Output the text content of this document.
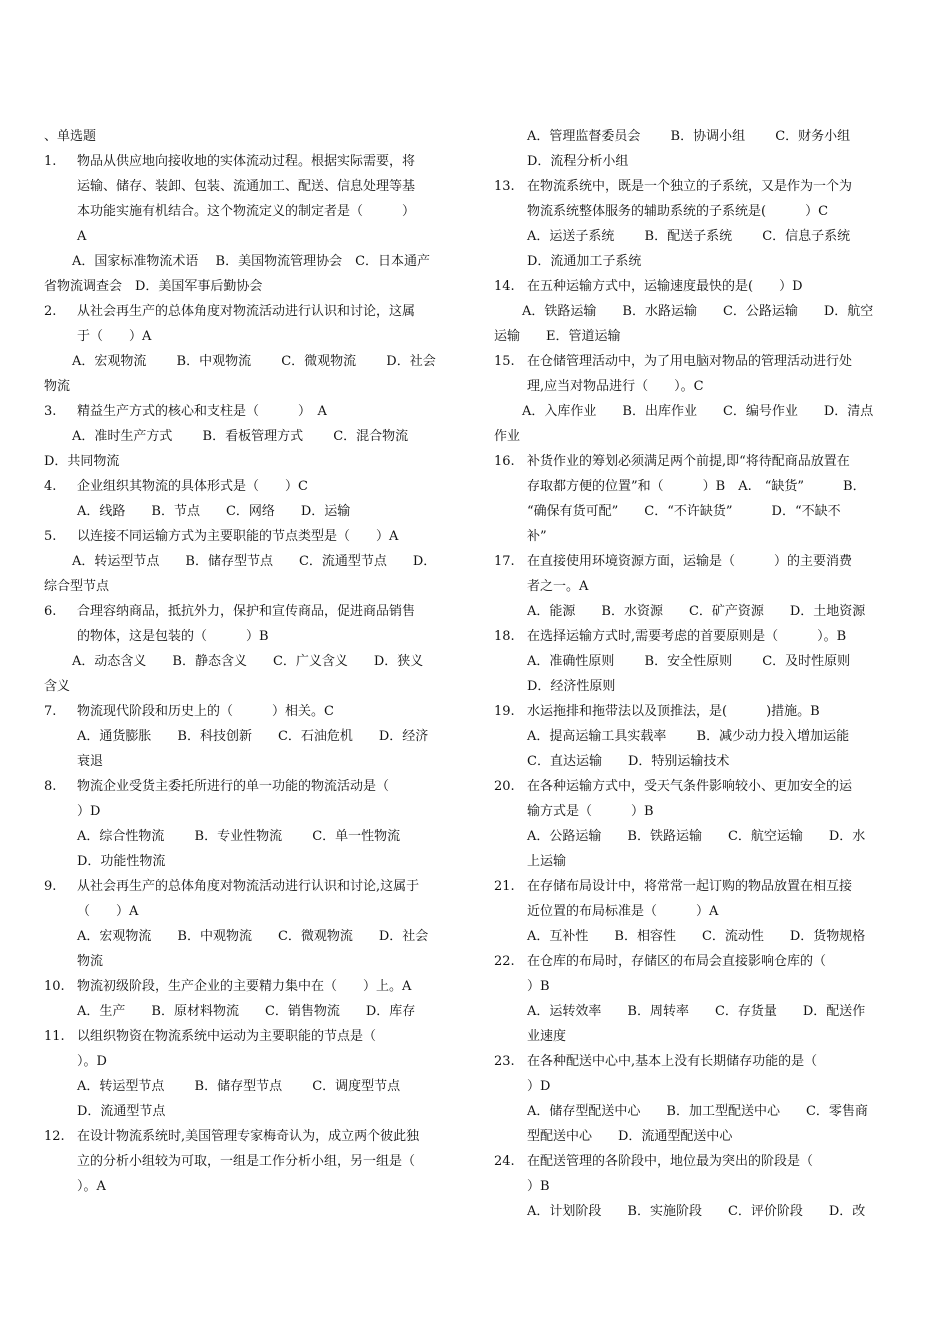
、单选题
1. 物品从供应地向接收地的实体流动过程。根据实际需要，将
运输、储存、装卸、包装、流通加工、配送、信息处理等基
本功能实施有机结合。这个物流定义的制定者是（　　　）
A
A．国家标准物流术语　 B．美国物流管理协会　C．日本通产
省物流调查会　D．美国军事后勤协会
2. 从社会再生产的总体角度对物流活动进行认识和讨论，这属
于（　　）A
A．宏观物流　　 B．中观物流　　 C．微观物流　　 D．社会
物流
3. 精益生产方式的核心和支柱是（　　　）　A
A．准时生产方式　　 B．看板管理方式　　 C．混合物流
D．共同物流
4. 企业组织其物流的具体形式是（　　）C
A．线路　　B．节点　　C．网络　　D．运输
5. 以连接不同运输方式为主要职能的节点类型是（　　）A
A．转运型节点　　B．储存型节点　　C．流通型节点　　D．
综合型节点
6. 合理容纳商品，抵抗外力，保护和宣传商品，促进商品销售
的物体，这是包装的（　　　）B
A．动态含义　　B．静态含义　　C．广义含义　　D．狭义
含义
7. 物流现代阶段和历史上的（　　　）相关。C
A．通货膨胀　　B．科技创新　　C．石油危机　　D．经济
衰退
8. 物流企业受货主委托所进行的单一功能的物流活动是（
）D
A．综合性物流　　 B．专业性物流　　 C．单一性物流
D．功能性物流
9. 从社会再生产的总体角度对物流活动进行认识和讨论,这属于
（　　）A
A．宏观物流　　B．中观物流　　C．微观物流　　D．社会
物流
10. 物流初级阶段，生产企业的主要精力集中在（　　）上。A
A．生产　　B．原材料物流　　C．销售物流　　D．库存
11. 以组织物资在物流系统中运动为主要职能的节点是（
）。D
A．转运型节点　　 B．储存型节点　　 C．调度型节点
D．流通型节点
12. 在设计物流系统时,美国管理专家梅奇认为，成立两个彼此独
立的分析小组较为可取，一组是工作分析小组，另一组是（
）。A
A．管理监督委员会　　 B．协调小组　　 C．财务小组
D．流程分析小组
13. 在物流系统中，既是一个独立的子系统，又是作为一个为
物流系统整体服务的辅助系统的子系统是(　　　）C
A．运送子系统　　 B．配送子系统　　 C．信息子系统
D．流通加工子系统
14. 在五种运输方式中，运输速度最快的是(　　）D
A．铁路运输　　B．水路运输　　C．公路运输　　D．航空
运输　　E．管道运输
15. 在仓储管理活动中，为了用电脑对物品的管理活动进行处
理,应当对物品进行（　　）。C
A．入库作业　　B．出库作业　　C．编号作业　　D．清点
作业
16. 补货作业的筹划必须满足两个前提,即“将待配商品放置在
存取都方便的位置”和（　　　）B　A.　“缺货”　　　B．
“确保有货可配”　　C．“不许缺货”　　　D．“不缺不
补”
17. 在直接使用环境资源方面，运输是（　　　）的主要消费
者之一。A
A．能源　　B．水资源　　C．矿产资源　　D．土地资源
18. 在选择运输方式时,需要考虑的首要原则是（　　　）。B
A．准确性原则　　 B．安全性原则　　 C．及时性原则
D．经济性原则
19. 水运拖排和拖带法以及顶推法，是(　　　)措施。B
A．提高运输工具实载率　　 B．减少动力投入增加运能
C．直达运输　　D．特别运输技术
20. 在各种运输方式中，受天气条件影响较小、更加安全的运
输方式是（　　　）B
A．公路运输　　B．铁路运输　　C．航空运输　　D．水
上运输
21. 在存储布局设计中，将常常一起订购的物品放置在相互接
近位置的布局标准是（　　　）A
A．互补性　　B．相容性　　C．流动性　　D．货物规格
22. 在仓库的布局时，存储区的布局会直接影响仓库的（
）B
A．运转效率　　B．周转率　　C．存货量　　D．配送作
业速度
23. 在各种配送中心中,基本上没有长期储存功能的是（
）D
A．储存型配送中心　　B．加工型配送中心　　C．零售商
型配送中心　　D．流通型配送中心
24. 在配送管理的各阶段中，地位最为突出的阶段是（
）B
A．计划阶段　　B．实施阶段　　C．评价阶段　　D．改
